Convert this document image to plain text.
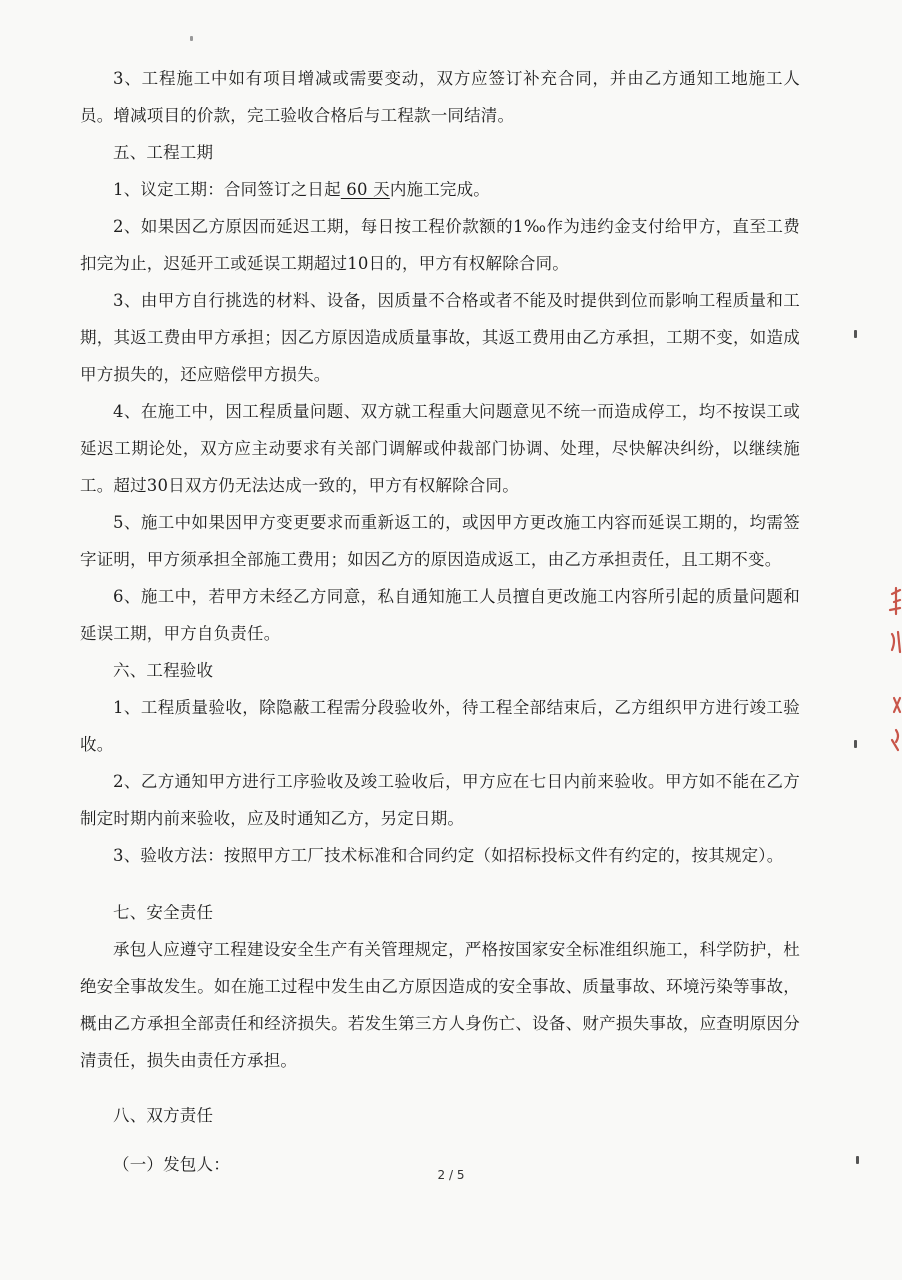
3、工程施工中如有项目增减或需要变动，双方应签订补充合同，并由乙方通知工地施工人员。增减项目的价款，完工验收合格后与工程款一同结清。

五、工程工期

1、议定工期：合同签订之日起 60 天内施工完成。

2、如果因乙方原因而延迟工期，每日按工程价款额的1‰作为违约金支付给甲方，直至工费扣完为止，迟延开工或延误工期超过10日的，甲方有权解除合同。

3、由甲方自行挑选的材料、设备，因质量不合格或者不能及时提供到位而影响工程质量和工期，其返工费由甲方承担；因乙方原因造成质量事故，其返工费用由乙方承担，工期不变，如造成甲方损失的，还应赔偿甲方损失。

4、在施工中，因工程质量问题、双方就工程重大问题意见不统一而造成停工，均不按误工或延迟工期论处，双方应主动要求有关部门调解或仲裁部门协调、处理，尽快解决纠纷，以继续施工。超过30日双方仍无法达成一致的，甲方有权解除合同。

5、施工中如果因甲方变更要求而重新返工的，或因甲方更改施工内容而延误工期的，均需签字证明，甲方须承担全部施工费用；如因乙方的原因造成返工，由乙方承担责任，且工期不变。

6、施工中，若甲方未经乙方同意，私自通知施工人员擅自更改施工内容所引起的质量问题和延误工期，甲方自负责任。

六、工程验收

1、工程质量验收，除隐蔽工程需分段验收外，待工程全部结束后，乙方组织甲方进行竣工验收。

2、乙方通知甲方进行工序验收及竣工验收后，甲方应在七日内前来验收。甲方如不能在乙方制定时期内前来验收，应及时通知乙方，另定日期。

3、验收方法：按照甲方工厂技术标准和合同约定（如招标投标文件有约定的，按其规定）。

七、安全责任

承包人应遵守工程建设安全生产有关管理规定，严格按国家安全标准组织施工，科学防护，杜绝安全事故发生。如在施工过程中发生由乙方原因造成的安全事故、质量事故、环境污染等事故，概由乙方承担全部责任和经济损失。若发生第三方人身伤亡、设备、财产损失事故，应查明原因分清责任，损失由责任方承担。

八、双方责任

（一）发包人：

2 / 5
